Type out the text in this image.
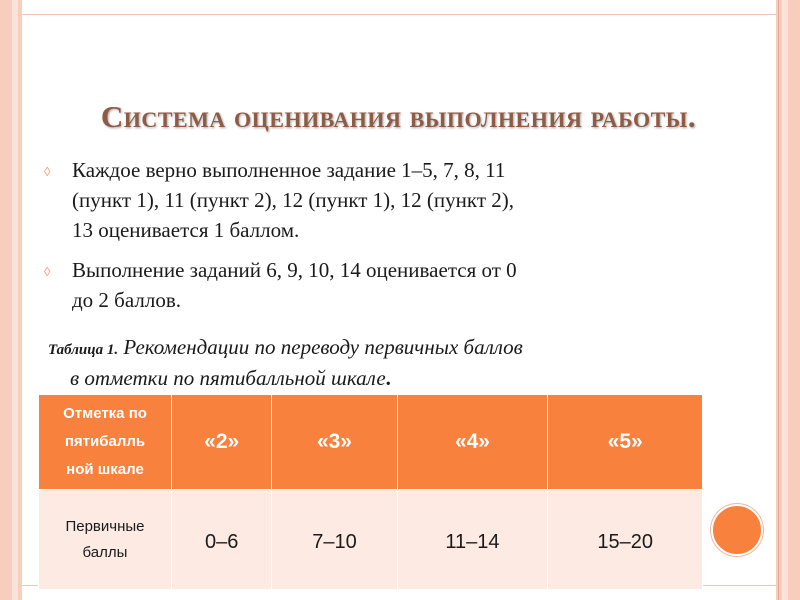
Система оценивания выполнения работы.
◊	Каждое верно выполненное задание 1–5, 7, 8, 11
(пункт 1), 11 (пункт 2), 12 (пункт 1), 12 (пункт 2),
13 оценивается 1 баллом.
◊	Выполнение заданий 6, 9, 10, 14 оценивается от 0
до 2 баллов.
Таблица 1. Рекомендации по переводу первичных баллов
в отметки по пятибалльной шкале.
Отметка по
пятибалль
ной шкале	«2»	«3»	«4»	«5»
Первичные
баллы	0–6	7–10	11–14	15–20
